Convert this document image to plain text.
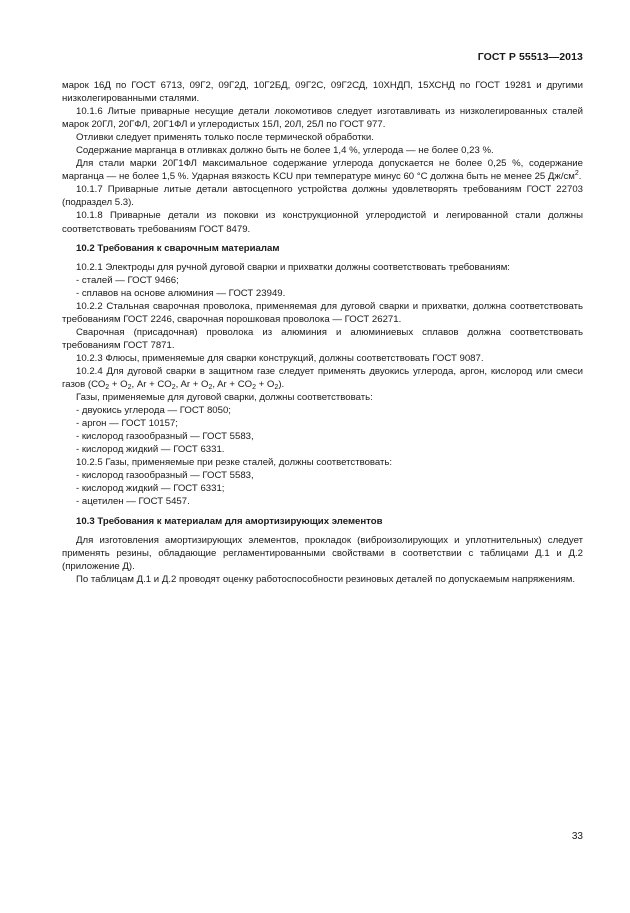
ГОСТ Р 55513—2013

марок 16Д по ГОСТ 6713, 09Г2, 09Г2Д, 10Г2БД, 09Г2С, 09Г2СД, 10ХНДП, 15ХСНД по ГОСТ 19281 и другими низколегированными сталями.

10.1.6 Литые приварные несущие детали локомотивов следует изготавливать из низколегированных сталей марок 20ГЛ, 20ГФЛ, 20Г1ФЛ и углеродистых 15Л, 20Л, 25Л по ГОСТ 977.

Отливки следует применять только после термической обработки.

Содержание марганца в отливках должно быть не более 1,4 %, углерода — не более 0,23 %.

Для стали марки 20Г1ФЛ максимальное содержание углерода допускается не более 0,25 %, содержание марганца — не более 1,5 %. Ударная вязкость KCU при температуре минус 60 °С должна быть не менее 25 $Дж/см^2$.

10.1.7 Приварные литые детали автосцепного устройства должны удовлетворять требованиям ГОСТ 22703 (подраздел 5.3).

10.1.8 Приварные детали из поковки из конструкционной углеродистой и легированной стали должны соответствовать требованиям ГОСТ 8479.

10.2 Требования к сварочным материалам

10.2.1 Электроды для ручной дуговой сварки и прихватки должны соответствовать требованиям:

- сталей — ГОСТ 9466;

- сплавов на основе алюминия — ГОСТ 23949.

10.2.2 Стальная сварочная проволока, применяемая для дуговой сварки и прихватки, должна соответствовать требованиям ГОСТ 2246, сварочная порошковая проволока — ГОСТ 26271.

Сварочная (присадочная) проволока из алюминия и алюминиевых сплавов должна соответствовать требованиям ГОСТ 7871.

10.2.3 Флюсы, применяемые для сварки конструкций, должны соответствовать ГОСТ 9087.

10.2.4 Для дуговой сварки в защитном газе следует применять двуокись углерода, аргон, кислород или смеси газов ($СО_2 + О_2$, $Ar + CO_2$, $Ar + O_2$, $Ar + CO_2 + О_2$).

Газы, применяемые для дуговой сварки, должны соответствовать:

- двуокись углерода — ГОСТ 8050;

- аргон — ГОСТ 10157;

- кислород газообразный — ГОСТ 5583,

- кислород жидкий — ГОСТ 6331.

10.2.5 Газы, применяемые при резке сталей, должны соответствовать:

- кислород газообразный — ГОСТ 5583,

- кислород жидкий — ГОСТ 6331;

- ацетилен — ГОСТ 5457.

10.3 Требования к материалам для амортизирующих элементов

Для изготовления амортизирующих элементов, прокладок (виброизолирующих и уплотнительных) следует применять резины, обладающие регламентированными свойствами в соответствии с таблицами Д.1 и Д.2 (приложение Д).

По таблицам Д.1 и Д.2 проводят оценку работоспособности резиновых деталей по допускаемым напряжениям.

33
